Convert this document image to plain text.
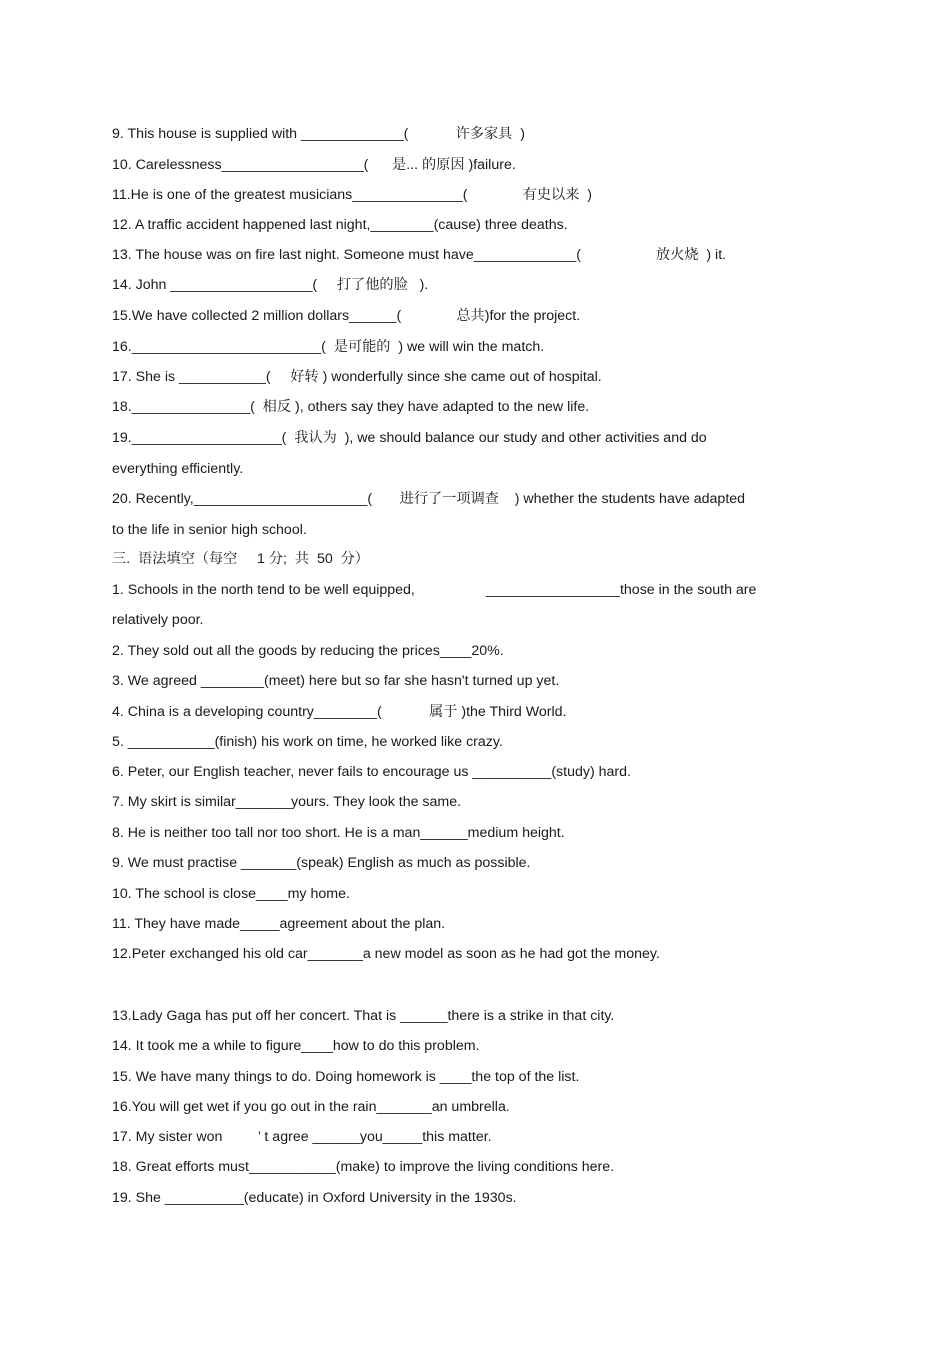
9. This house is supplied with _____________(            许多家具  )
10. Carelessness__________________(      是... 的原因 )failure.
11.He is one of the greatest musicians______________(              有史以来  )
12. A traffic accident happened last night,________(cause) three deaths.
13. The house was on fire last night. Someone must have_____________(                   放火烧  ) it.
14. John __________________(     打了他的脸   ).
15.We have collected 2 million dollars______(              总共)for the project.
16.________________________(  是可能的  ) we will win the match.
17. She is ___________(     好转 ) wonderfully since she came out of hospital.
18._______________(  相反 ), others say they have adapted to the new life.
19.___________________(  我认为  ), we should balance our study and other activities and do
everything efficiently.
20. Recently,______________________(       进行了一项调查    ) whether the students have adapted
to the life in senior high school.
三.  语法填空（每空     1 分;  共  50  分）
1. Schools in the north tend to be well equipped,                  _________________those in the south are
relatively poor.
2. They sold out all the goods by reducing the prices____20%.
3. We agreed ________(meet) here but so far she hasn't turned up yet.
4. China is a developing country________(            属于 )the Third World.
5. ___________(finish) his work on time, he worked like crazy.
6. Peter, our English teacher, never fails to encourage us __________(study) hard.
7. My skirt is similar_______yours. They look the same.
8. He is neither too tall nor too short. He is a man______medium height.
9. We must practise _______(speak) English as much as possible.
10. The school is close____my home.
11. They have made_____agreement about the plan.
12.Peter exchanged his old car_______a new model as soon as he had got the money.
13.Lady Gaga has put off her concert. That is ______there is a strike in that city.
14. It took me a while to figure____how to do this problem.
15. We have many things to do. Doing homework is ____the top of the list.
16.You will get wet if you go out in the rain_______an umbrella.
17. My sister won         ’ t agree ______you_____this matter.
18. Great efforts must___________(make) to improve the living conditions here.
19. She __________(educate) in Oxford University in the 1930s.
